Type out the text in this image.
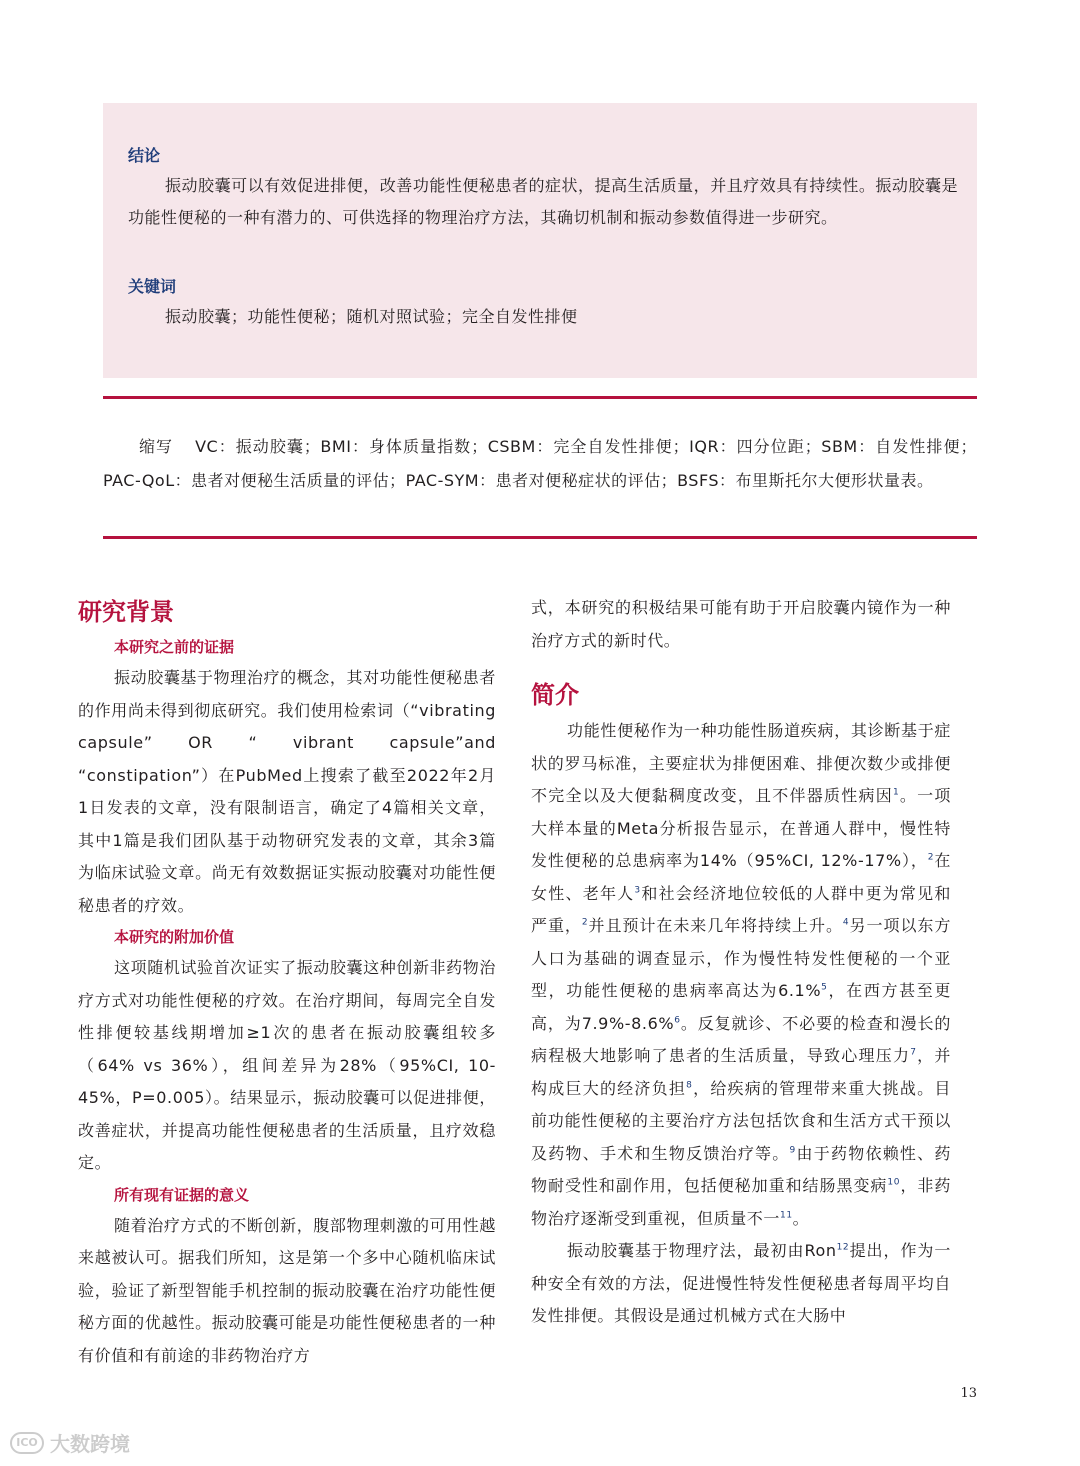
结论
振动胶囊可以有效促进排便，改善功能性便秘患者的症状，提高生活质量，并且疗效具有持续性。振动胶囊是功能性便秘的一种有潜力的、可供选择的物理治疗方法，其确切机制和振动参数值得进一步研究。
关键词
振动胶囊；功能性便秘；随机对照试验；完全自发性排便
缩写 VC：振动胶囊；BMI：身体质量指数；CSBM：完全自发性排便；IQR：四分位距；SBM：自发性排便；PAC-QoL：患者对便秘生活质量的评估；PAC-SYM：患者对便秘症状的评估；BSFS：布里斯托尔大便形状量表。
研究背景
本研究之前的证据

振动胶囊基于物理治疗的概念，其对功能性便秘患者的作用尚未得到彻底研究。我们使用检索词（“vibrating capsule” OR “ vibrant capsule”and “constipation”）在PubMed上搜索了截至2022年2月1日发表的文章，没有限制语言，确定了4篇相关文章，其中1篇是我们团队基于动物研究发表的文章，其余3篇为临床试验文章。尚无有效数据证实振动胶囊对功能性便秘患者的疗效。

本研究的附加价值

这项随机试验首次证实了振动胶囊这种创新非药物治疗方式对功能性便秘的疗效。在治疗期间，每周完全自发性排便较基线期增加≥1次的患者在振动胶囊组较多（64% vs 36%），组间差异为28%（95%CI, 10-45%，P=0.005）。结果显示，振动胶囊可以促进排便，改善症状，并提高功能性便秘患者的生活质量，且疗效稳定。

所有现有证据的意义

随着治疗方式的不断创新，腹部物理刺激的可用性越来越被认可。据我们所知，这是第一个多中心随机临床试验，验证了新型智能手机控制的振动胶囊在治疗功能性便秘方面的优越性。振动胶囊可能是功能性便秘患者的一种有价值和有前途的非药物治疗方

式，本研究的积极结果可能有助于开启胶囊内镜作为一种治疗方式的新时代。

简介

功能性便秘作为一种功能性肠道疾病，其诊断基于症状的罗马标准，主要症状为排便困难、排便次数少或排便不完全以及大便黏稠度改变，且不伴器质性病因$^1$。一项大样本量的Meta分析报告显示，在普通人群中，慢性特发性便秘的总患病率为14%（95%CI, 12%-17%），$^2$在女性、老年人$^3$和社会经济地位较低的人群中更为常见和严重，$^2$并且预计在未来几年将持续上升。$^4$另一项以东方人口为基础的调查显示，作为慢性特发性便秘的一个亚型，功能性便秘的患病率高达为6.1%$^5$，在西方甚至更高，为7.9%-8.6%$^6$。反复就诊、不必要的检查和漫长的病程极大地影响了患者的生活质量，导致心理压力$^7$，并构成巨大的经济负担$^8$，给疾病的管理带来重大挑战。目前功能性便秘的主要治疗方法包括饮食和生活方式干预以及药物、手术和生物反馈治疗等。$^9$由于药物依赖性、药物耐受性和副作用，包括便秘加重和结肠黑变病$^{10}$，非药物治疗逐渐受到重视，但质量不一$^{11}$。

振动胶囊基于物理疗法，最初由Ron$^{12}$提出，作为一种安全有效的方法，促进慢性特发性便秘患者每周平均自发性排便。其假设是通过机械方式在大肠中

13
ICO 大数跨境
